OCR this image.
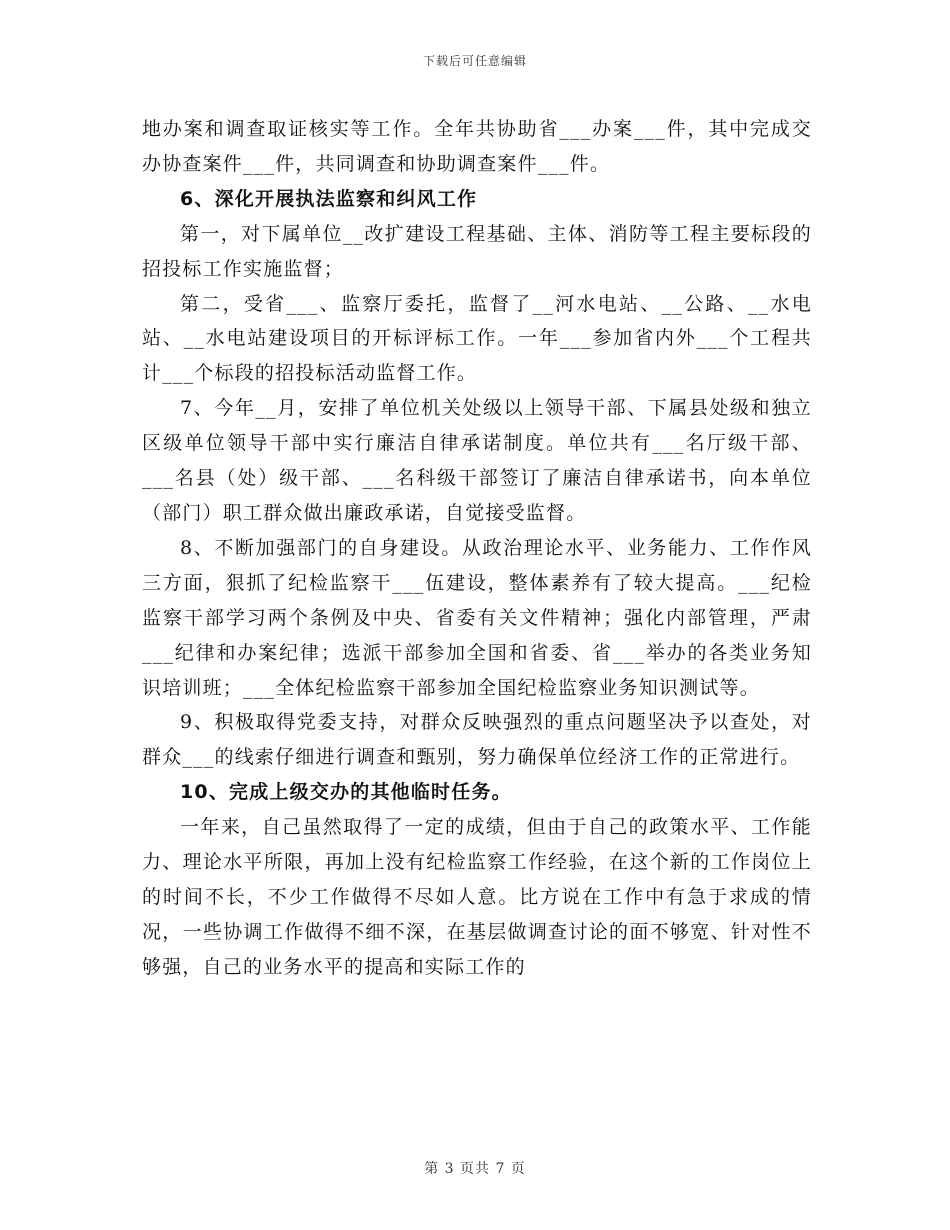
下载后可任意编辑

地办案和调查取证核实等工作。全年共协助省___办案___件，其中完成交办协查案件___件，共同调查和协助调查案件___件。

6、深化开展执法监察和纠风工作

第一，对下属单位__改扩建设工程基础、主体、消防等工程主要标段的招投标工作实施监督；

第二，受省___、监察厅委托，监督了__河水电站、__公路、__水电站、__水电站建设项目的开标评标工作。一年___参加省内外___个工程共计___个标段的招投标活动监督工作。

7、今年__月，安排了单位机关处级以上领导干部、下属县处级和独立区级单位领导干部中实行廉洁自律承诺制度。单位共有___名厅级干部、___名县（处）级干部、___名科级干部签订了廉洁自律承诺书，向本单位（部门）职工群众做出廉政承诺，自觉接受监督。

8、不断加强部门的自身建设。从政治理论水平、业务能力、工作作风三方面，狠抓了纪检监察干___伍建设，整体素养有了较大提高。___纪检监察干部学习两个条例及中央、省委有关文件精神；强化内部管理，严肃___纪律和办案纪律；选派干部参加全国和省委、省___举办的各类业务知识培训班；___全体纪检监察干部参加全国纪检监察业务知识测试等。

9、积极取得党委支持，对群众反映强烈的重点问题坚决予以查处，对群众___的线索仔细进行调查和甄别，努力确保单位经济工作的正常进行。

10、完成上级交办的其他临时任务。

一年来，自己虽然取得了一定的成绩，但由于自己的政策水平、工作能力、理论水平所限，再加上没有纪检监察工作经验，在这个新的工作岗位上的时间不长，不少工作做得不尽如人意。比方说在工作中有急于求成的情况，一些协调工作做得不细不深，在基层做调查讨论的面不够宽、针对性不够强，自己的业务水平的提高和实际工作的

第 3 页共 7 页
